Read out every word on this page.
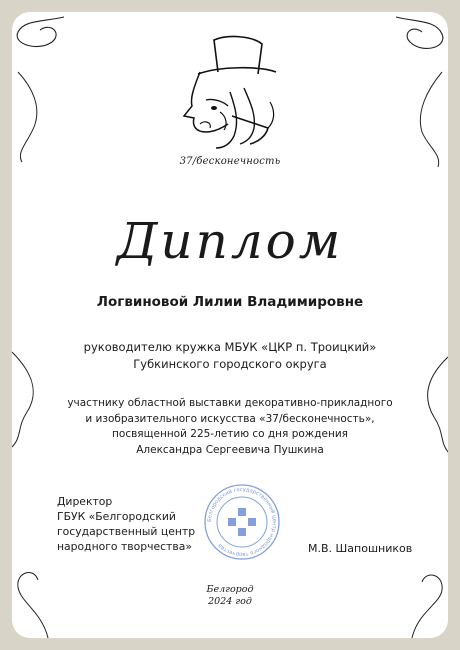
37/бесконечность
Диплом
Логвиновой Лилии Владимировне
руководителю кружка МБУК «ЦКР п. Троицкий»
Губкинского городского округа
участнику областной выставки декоративно-прикладного
и изобразительного искусства «37/бесконечность»,
посвященной 225-летию со дня рождения
Александра Сергеевича Пушкина
Директор
ГБУК «Белгородский
государственный центр
народного творчества»
Белгородский государственный центр народного творчества	М.В. Шапошников
Белгород
2024 год
